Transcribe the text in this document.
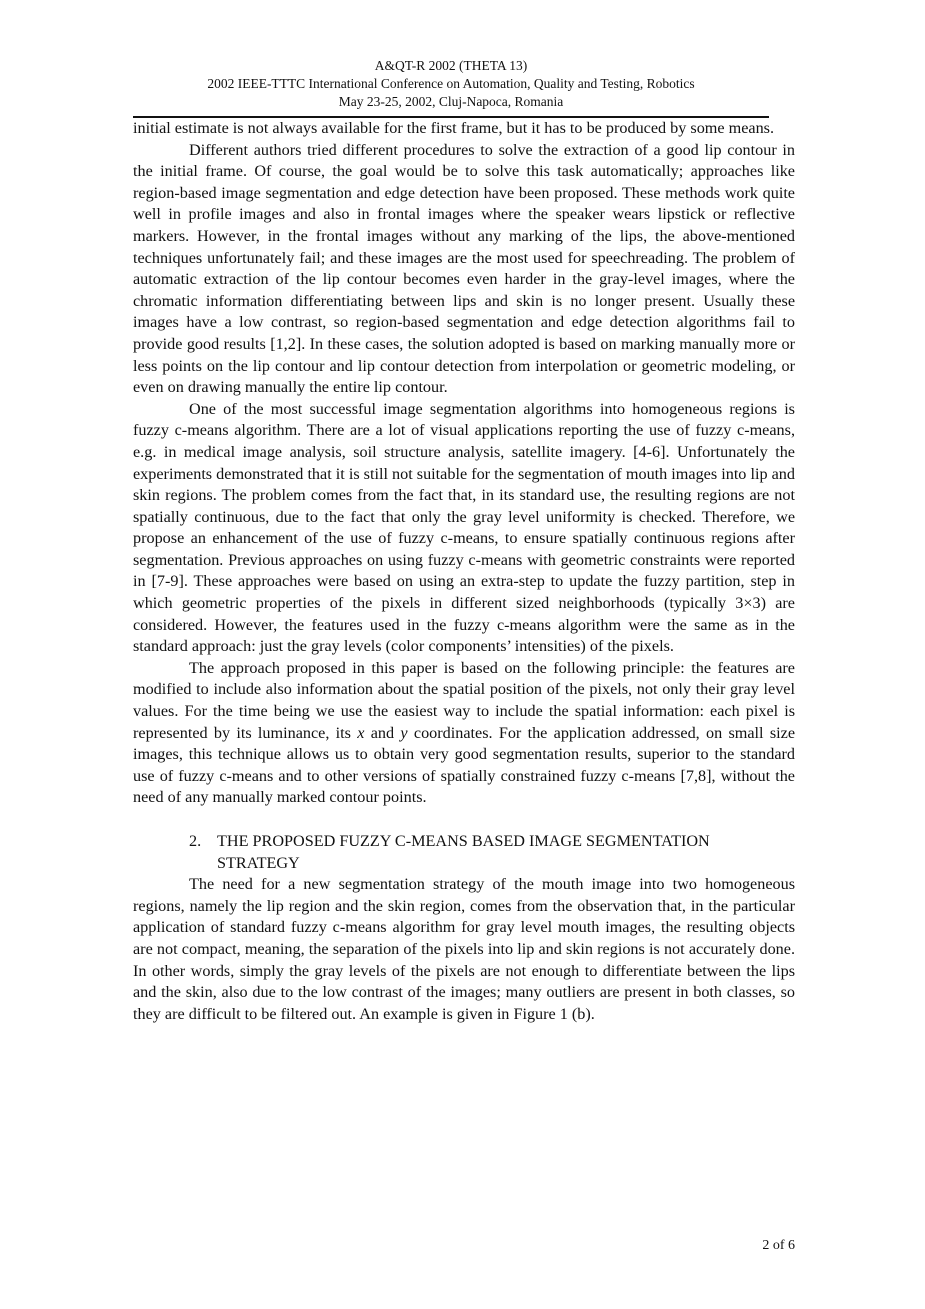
A&QT-R 2002 (THETA 13)
2002 IEEE-TTTC International Conference on Automation, Quality and Testing, Robotics
May 23-25, 2002, Cluj-Napoca, Romania

initial estimate is not always available for the first frame, but it has to be produced by some means.

Different authors tried different procedures to solve the extraction of a good lip contour in the initial frame. Of course, the goal would be to solve this task automatically; approaches like region-based image segmentation and edge detection have been proposed. These methods work quite well in profile images and also in frontal images where the speaker wears lipstick or reflective markers. However, in the frontal images without any marking of the lips, the above-mentioned techniques unfortunately fail; and these images are the most used for speechreading. The problem of automatic extraction of the lip contour becomes even harder in the gray-level images, where the chromatic information differentiating between lips and skin is no longer present. Usually these images have a low contrast, so region-based segmentation and edge detection algorithms fail to provide good results [1,2]. In these cases, the solution adopted is based on marking manually more or less points on the lip contour and lip contour detection from interpolation or geometric modeling, or even on drawing manually the entire lip contour.

One of the most successful image segmentation algorithms into homogeneous regions is fuzzy c-means algorithm. There are a lot of visual applications reporting the use of fuzzy c-means, e.g. in medical image analysis, soil structure analysis, satellite imagery. [4-6]. Unfortunately the experiments demonstrated that it is still not suitable for the segmentation of mouth images into lip and skin regions. The problem comes from the fact that, in its standard use, the resulting regions are not spatially continuous, due to the fact that only the gray level uniformity is checked. Therefore, we propose an enhancement of the use of fuzzy c-means, to ensure spatially continuous regions after segmentation. Previous approaches on using fuzzy c-means with geometric constraints were reported in [7-9]. These approaches were based on using an extra-step to update the fuzzy partition, step in which geometric properties of the pixels in different sized neighborhoods (typically 3×3) are considered. However, the features used in the fuzzy c-means algorithm were the same as in the standard approach: just the gray levels (color components’ intensities) of the pixels.

The approach proposed in this paper is based on the following principle: the features are modified to include also information about the spatial position of the pixels, not only their gray level values. For the time being we use the easiest way to include the spatial information: each pixel is represented by its luminance, its x and y coordinates. For the application addressed, on small size images, this technique allows us to obtain very good segmentation results, superior to the standard use of fuzzy c-means and to other versions of spatially constrained fuzzy c-means [7,8], without the need of any manually marked contour points.

2. THE PROPOSED FUZZY C-MEANS BASED IMAGE SEGMENTATION STRATEGY

The need for a new segmentation strategy of the mouth image into two homogeneous regions, namely the lip region and the skin region, comes from the observation that, in the particular application of standard fuzzy c-means algorithm for gray level mouth images, the resulting objects are not compact, meaning, the separation of the pixels into lip and skin regions is not accurately done. In other words, simply the gray levels of the pixels are not enough to differentiate between the lips and the skin, also due to the low contrast of the images; many outliers are present in both classes, so they are difficult to be filtered out. An example is given in Figure 1 (b).

2 of 6
